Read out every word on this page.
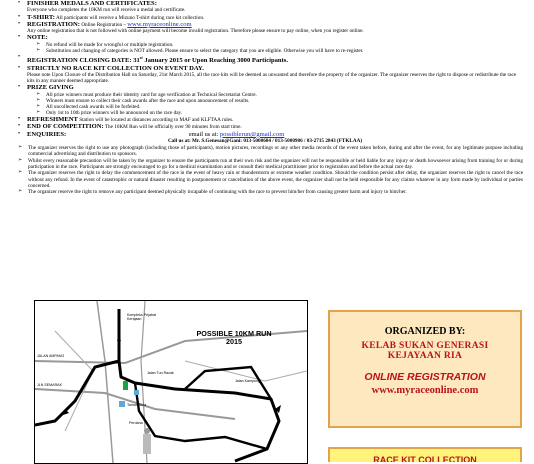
•	FINISHER MEDALS AND CERTIFICATES:
Everyone who completes the 10KM run will receive a medal and certificate.
•	T-SHIRT: All participants will receive a Mizuno T-shirt during race kit collection.
•	REGISTRATION: Online Registration – www.myraceonline.com
Any online registration that is not followed with online payment will become invalid registration. Therefore please ensure to pay online, when you register online.
•	NOTE:
➢	No refund will be made for wrongful or multiple registration.
➢	Substitution and changing of categories is NOT allowed. Please ensure to select the category that you are eligible. Otherwise you will have to re-register.
•
REGISTRATION CLOSING DATE: 31st January 2015 or Upon Reaching 3000 Participants.
•	STRICTLY NO RACE KIT COLLECTION ON EVENT DAY.
Please note Upon Closure of the Distribution Hall on Saturday, 21st March 2015, all the race kits will be deemed as unwanted and therefore the property of the organizer. The organizer reserves the right to dispose or redistribute the race kits in any manner deemed appropriate.
•	PRIZE GIVING
➢	All prize winners must produce their identity card for age verification at Technical Secretariat Centre.
➢	Winners must ensure to collect their cash awards after the race and upon announcement of results.
➢	All uncollected cash awards will be forfeited.
➢	Only 1st to 10th prize winners will be announced on the race day.
•	REFRESHMENT Station will be located at distances according to MAF and KLFTAA rules.
•	END OF COMPETITION: The 10KM Run will be officially over 90 minutes from start time.
•	ENQUIRIES:	email us at: possiblerun@gmail.com
Call us at: Mr. S.Genesan@Gani: 013-5000684 / 013-5000986 / 03-2715 2843 (FTKLAA)
➢	The organizer reserves the right to use any photograph (including those of participants), motion pictures, recordings or any other media records of the event taken before, during and after the event, for any legitimate purpose including commercial advertising and distribution to sponsors.
➢	Whilst every reasonable precaution will be taken by the organizer to ensure the participants run at their own risk and the organizer will not be responsible or held liable for any injury or death howsoever arising from training for or during participation in the race. Participants are strongly encouraged to go for a medical examination and or consult their medical practitioner prior to registration and before the actual race day.
➢	The organizer reserves the right to delay the commencement of the race in the event of heavy rain or thunderstorm or extreme weather condition. Should the condition persist after delay, the organizer reserves the right to cancel the race without any refund. In the event of catastrophic or natural disaster resulting in postponement or cancellation of the above event, the organizer shall not be held responsible for any claims whatever in any form made by individual or parties concerned.
➢	The organizer reserve the right to remove any participant deemed physically incapable of continuing with the race to prevent him/her from causing greater harm and injury to him/her.
POSSIBLE 10KM RUN
2015
Kompleks Pejabat Kerajaan
JALAN AMPANG
JLN SEMARAK
Jalan Tun Razak
Taman Dula
Perdana
Jalan Kampung
ORGANIZED BY:
KELAB SUKAN GENERASI
KEJAYAAN RIA
ONLINE REGISTRATION
www.myraceonline.com
RACE KIT COLLECTION
